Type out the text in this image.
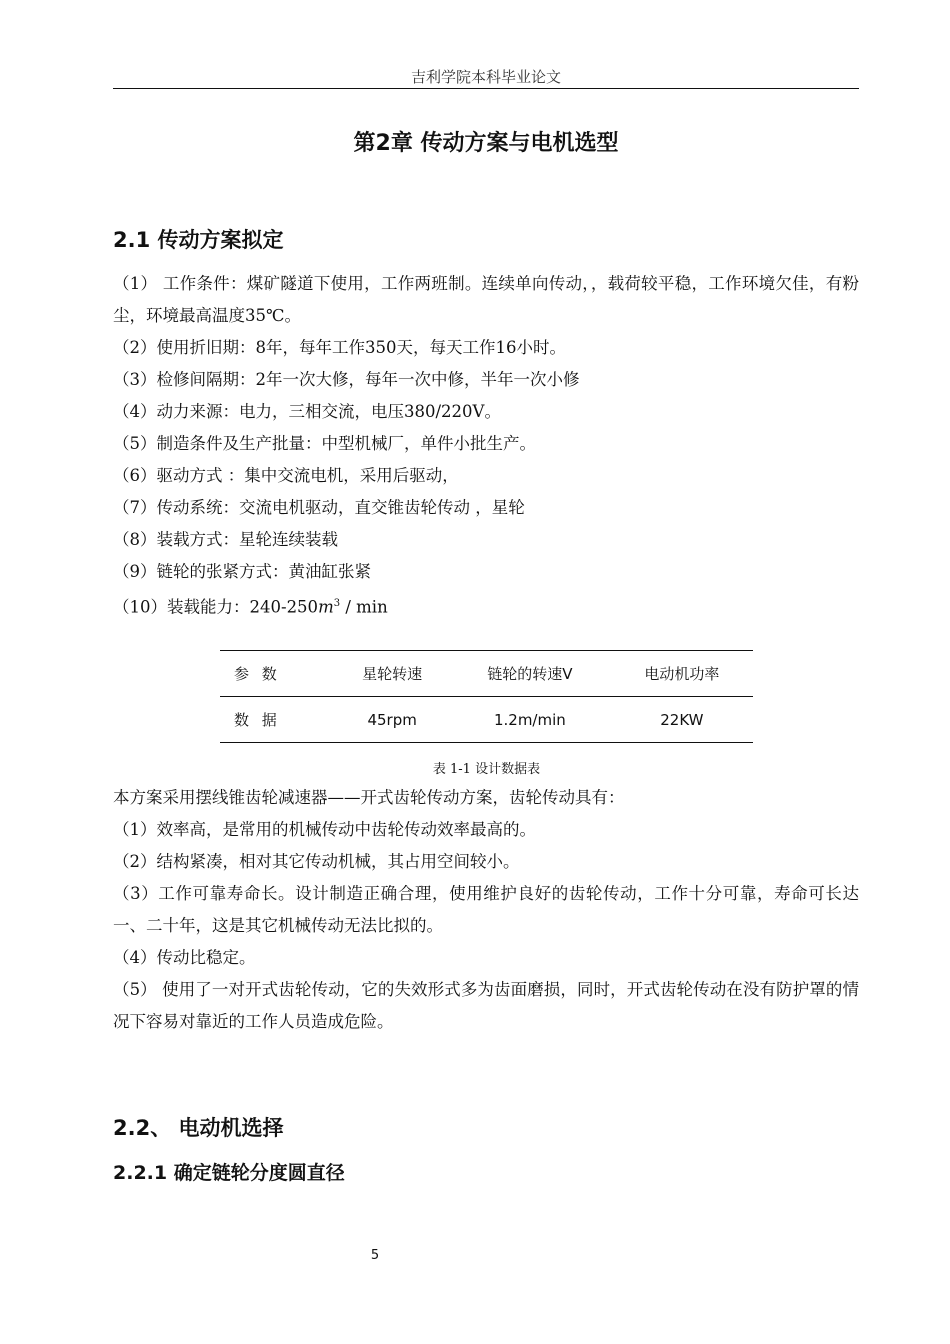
吉利学院本科毕业论文
第2章 传动方案与电机选型
2.1 传动方案拟定

（1） 工作条件：煤矿隧道下使用，工作两班制。连续单向传动，，载荷较平稳，工作环境欠佳，有粉尘，环境最高温度35℃。

（2）使用折旧期：8年，每年工作350天，每天工作16小时。

（3）检修间隔期：2年一次大修，每年一次中修，半年一次小修

（4）动力来源：电力，三相交流，电压380/220V。

（5）制造条件及生产批量：中型机械厂，单件小批生产。

（6）驱动方式 ：集中交流电机，采用后驱动，

（7）传动系统：交流电机驱动，直交锥齿轮传动 ，星轮

（8）装载方式：星轮连续装载

（9）链轮的张紧方式：黄油缸张紧

（10）装载能力：$240-250m^3$ / min

参 数	星轮转速	链轮的转速V	电动机功率
数 据	45rpm	1.2m/min	22KW
表 1-1 设计数据表

本方案采用摆线锥齿轮减速器——开式齿轮传动方案，齿轮传动具有：

（1）效率高，是常用的机械传动中齿轮传动效率最高的。

（2）结构紧凑，相对其它传动机械，其占用空间较小。

（3）工作可靠寿命长。设计制造正确合理，使用维护良好的齿轮传动，工作十分可靠，寿命可长达一、二十年，这是其它机械传动无法比拟的。

（4）传动比稳定。

（5） 使用了一对开式齿轮传动，它的失效形式多为齿面磨损，同时，开式齿轮传动在没有防护罩的情况下容易对靠近的工作人员造成危险。

2.2、 电动机选择
2.2.1 确定链轮分度圆直径
5
